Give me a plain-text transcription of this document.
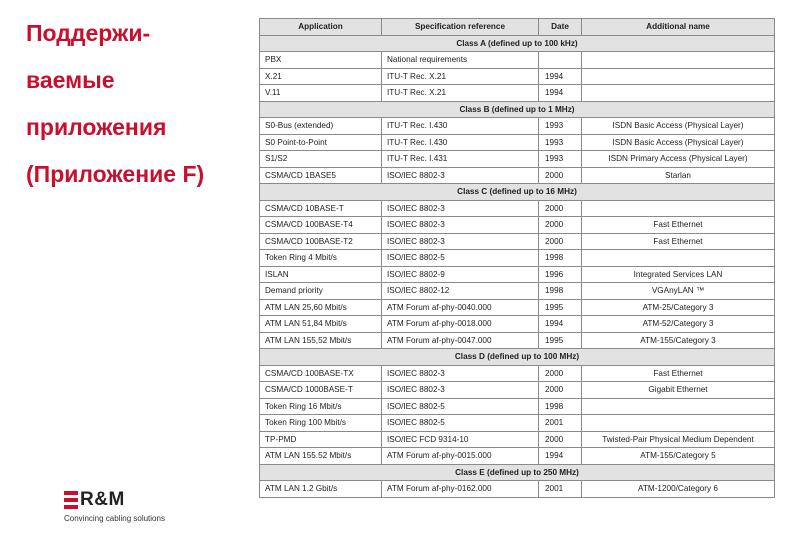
Поддержи-
ваемые
приложения
(Приложение F)
Application	Specification reference	Date	Additional name
Class A (defined up to 100 kHz)			
PBX	National requirements		
X.21	ITU-T Rec. X.21	1994	
V.11	ITU-T Rec. X.21	1994	
Class B (defined up to 1 MHz)			
S0-Bus (extended)	ITU-T Rec. I.430	1993	ISDN Basic Access (Physical Layer)
S0 Point-to-Point	ITU-T Rec. I.430	1993	ISDN Basic Access (Physical Layer)
S1/S2	ITU-T Rec. I.431	1993	ISDN Primary Access (Physical Layer)
CSMA/CD 1BASE5	ISO/IEC 8802-3	2000	Starlan
Class C (defined up to 16 MHz)			
CSMA/CD 10BASE-T	ISO/IEC 8802-3	2000	
CSMA/CD 100BASE-T4	ISO/IEC 8802-3	2000	Fast Ethernet
CSMA/CD 100BASE-T2	ISO/IEC 8802-3	2000	Fast Ethernet
Token Ring 4 Mbit/s	ISO/IEC 8802-5	1998	
ISLAN	ISO/IEC 8802-9	1996	Integrated Services LAN
Demand priority	ISO/IEC 8802-12	1998	VGAnyLAN ™
ATM LAN 25,60 Mbit/s	ATM Forum af-phy-0040.000	1995	ATM-25/Category 3
ATM LAN 51,84 Mbit/s	ATM Forum af-phy-0018.000	1994	ATM-52/Category 3
ATM LAN 155,52 Mbit/s	ATM Forum af-phy-0047.000	1995	ATM-155/Category 3
Class D (defined up to 100 MHz)			
CSMA/CD 100BASE-TX	ISO/IEC 8802-3	2000	Fast Ethernet
CSMA/CD 1000BASE-T	ISO/IEC 8802-3	2000	Gigabit Ethernet
Token Ring 16 Mbit/s	ISO/IEC 8802-5	1998	
Token Ring 100 Mbit/s	ISO/IEC 8802-5	2001	
TP-PMD	ISO/IEC FCD 9314-10	2000	Twisted-Pair Physical Medium Dependent
ATM LAN 155.52 Mbit/s	ATM Forum af-phy-0015.000	1994	ATM-155/Category 5
Class E (defined up to 250 MHz)			
ATM LAN 1.2 Gbit/s	ATM Forum af-phy-0162.000	2001	ATM-1200/Category 6
R&M
Convincing cabling solutions
